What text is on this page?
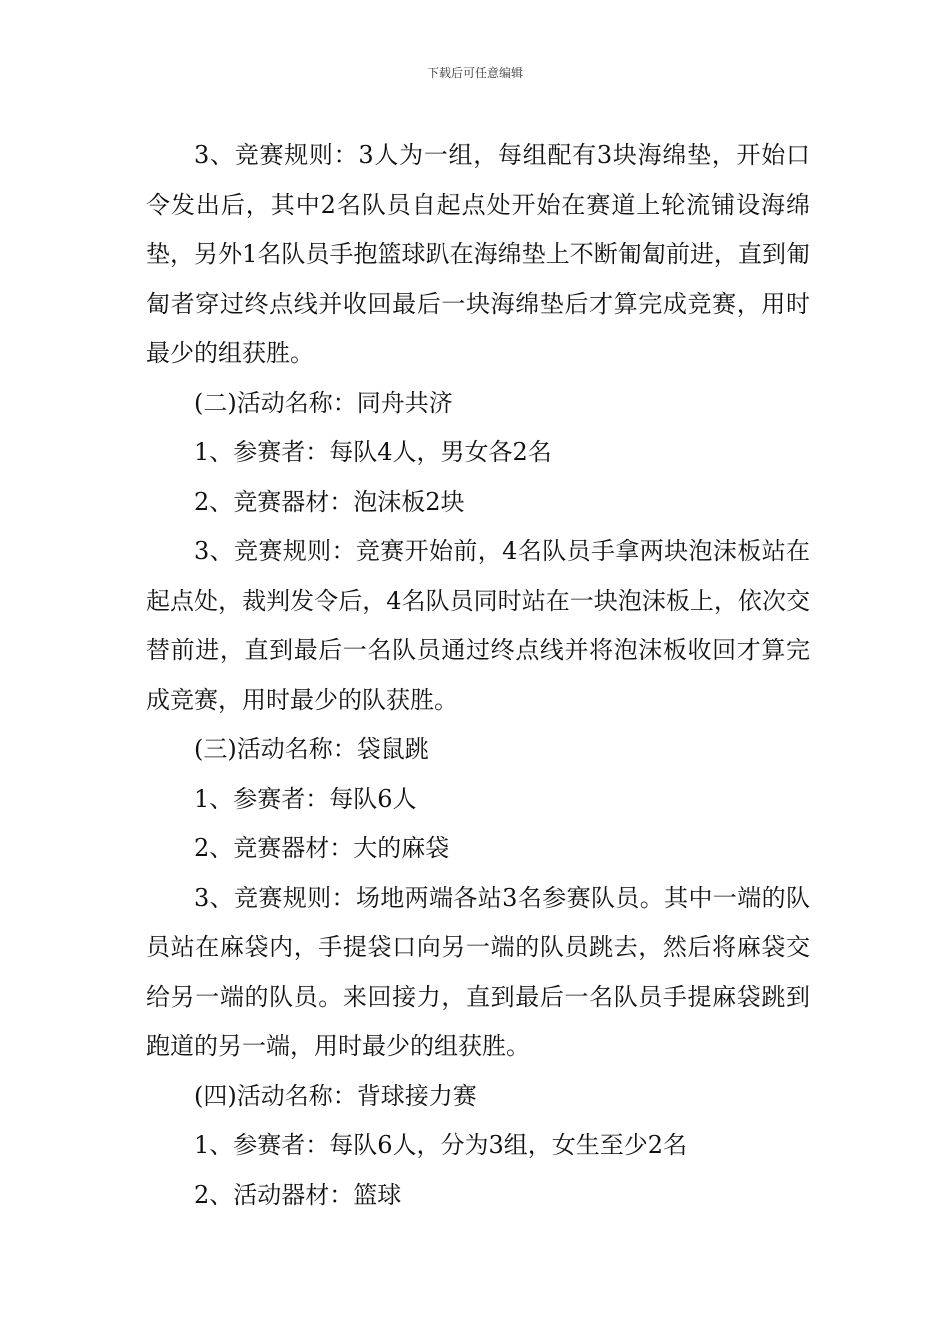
下载后可任意编辑

3、竞赛规则：3人为一组，每组配有3块海绵垫，开始口令发出后，其中2名队员自起点处开始在赛道上轮流铺设海绵垫，另外1名队员手抱篮球趴在海绵垫上不断匍匐前进，直到匍匐者穿过终点线并收回最后一块海绵垫后才算完成竞赛，用时最少的组获胜。

(二)活动名称：同舟共济

1、参赛者：每队4人，男女各2名

2、竞赛器材：泡沫板2块

3、竞赛规则：竞赛开始前，4名队员手拿两块泡沫板站在起点处，裁判发令后，4名队员同时站在一块泡沫板上，依次交替前进，直到最后一名队员通过终点线并将泡沫板收回才算完成竞赛，用时最少的队获胜。

(三)活动名称：袋鼠跳

1、参赛者：每队6人

2、竞赛器材：大的麻袋

3、竞赛规则：场地两端各站3名参赛队员。其中一端的队员站在麻袋内，手提袋口向另一端的队员跳去，然后将麻袋交给另一端的队员。来回接力，直到最后一名队员手提麻袋跳到跑道的另一端，用时最少的组获胜。

(四)活动名称：背球接力赛

1、参赛者：每队6人，分为3组，女生至少2名

2、活动器材：篮球
